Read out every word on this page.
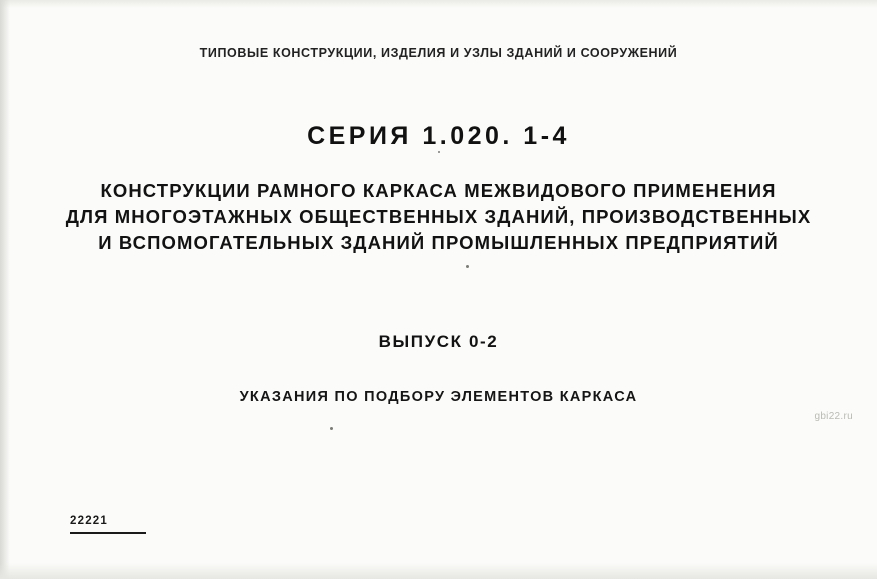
ТИПОВЫЕ КОНСТРУКЦИИ, ИЗДЕЛИЯ И УЗЛЫ ЗДАНИЙ И СООРУЖЕНИЙ
СЕРИЯ 1.020. 1-4
КОНСТРУКЦИИ РАМНОГО КАРКАСА МЕЖВИДОВОГО ПРИМЕНЕНИЯ
ДЛЯ МНОГОЭТАЖНЫХ ОБЩЕСТВЕННЫХ ЗДАНИЙ, ПРОИЗВОДСТВЕННЫХ
И ВСПОМОГАТЕЛЬНЫХ ЗДАНИЙ ПРОМЫШЛЕННЫХ ПРЕДПРИЯТИЙ
ВЫПУСК 0-2
УКАЗАНИЯ ПО ПОДБОРУ ЭЛЕМЕНТОВ КАРКАСА
gbi22.ru
22221
